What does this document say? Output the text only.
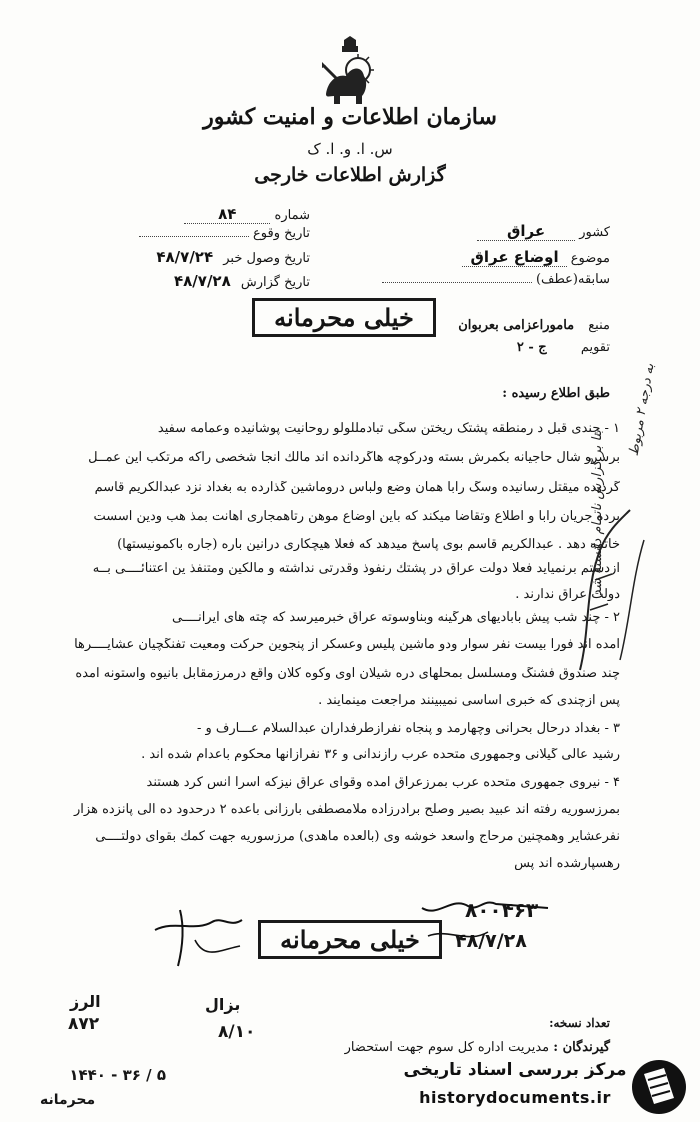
سازمان اطلاعات و امنیت کشور
س. ا. و. ا. ک
گزارش اطلاعات خارجی
شماره ۸۴
تاریخ وقوع
تاریخ وصول خبر ۴۸/۷/۲۴
تاریخ گزارش ۴۸/۷/۲۸
کشور عراق
موضوع اوضاع عراق
سابقه(عطف)
منبع ماموراعزامی بعربوان
تقویم ج - ۲
خیلی محرمانه
طبق اطلاع رسیده :
۱ - چندی قبل د رمنطقه پشتک ریختن سگی تبادمللولو روحانیت پوشانیده وعمامه سفید
برسرو شال حاجیانه بکمرش بسته ودرکوچه هاگردانده اند مالك آنجا شخصی راکه مرتکب این عمــل
گردیده میقتل رسانیده وسگ رابا همان وضع ولباس دروماشین گذارده به بغداد نزد عبدالکریم قاسم
برده جریان رابا و اطلاع وتقاضا میکند که باین اوضاع موهن رتاهمجاری اهانت بمذ هب ودین اسست
خاتمه دهد . عبدالکریم قاسم بوی پاسخ میدهد که فعلا هیچکاری درانین باره (جاره باکمونیستها)
ازدستم برنمیآید فعلا دولت عراق در پشتك رنفوذ وقدرتی نداشته و مالکین ومتنفذ ین اعتنائــــی بــه
دولت عراق ندارند .
۲ - چند شب پیش بآبادیهای هرگینه وبناوسوته عراق خبرمیرسد که چته های ایرانــــی
آمده اند فوراً بیست نفر سوار ودو ماشین پلیس وعسکر از پنجوین حرکت ومعیت تفنگچیان عشایــــرها
چند صندوق فشنگ ومسلسل بمحلهای دره شیلان آوی وکوه کلان واقع درمرزمقابل بانیوه وآستونه آمده
پس ازچندی که خبری اساسی نمیبینند مراجعت مینمایند .
۳ - بغداد درحال بحرانی وچهارمد و پنجاه نفرازطرفداران عبدالسلام عـــارف و -
رشید عالی گیلانی وجمهوری متحده عرب رازندانی و ۳۶ نفرازآنها محکوم باعدام شده اند .
۴ - نیروی جمهوری متحده عرب بمرزعراق آمده وقوای عراق نیزکه اسراً انس کرد هستند
بمرزسوریه رفته اند عبید بصیر وصلح برادرزاده ملامصطفی بارزانی باعده ۲ درحدود ده الی پانزده هزار
نفرعشایر وهمچنین مرحاج واسعد خوشه وی (بالعده ماهدی) مرزسوریه جهت کمك بقوای دولتــــی
رهسپارشده اند پس
بنا بر گزارش ناتمام دانسته شد	به درجه ۲ مربوط
خیلی محرمانه
۸۰۰۴۶۳
۴۸/۷/۲۸
الرز
۸۷۲
بزال
۸/۱۰
۱۴۴۰ - ۳۶ / ۵
محرمانه
تعداد نسخه:
گیرندگان : مدیریت اداره کل سوم جهت استحضار
مرکز بررسی اسناد تاریخی
historydocuments.ir
